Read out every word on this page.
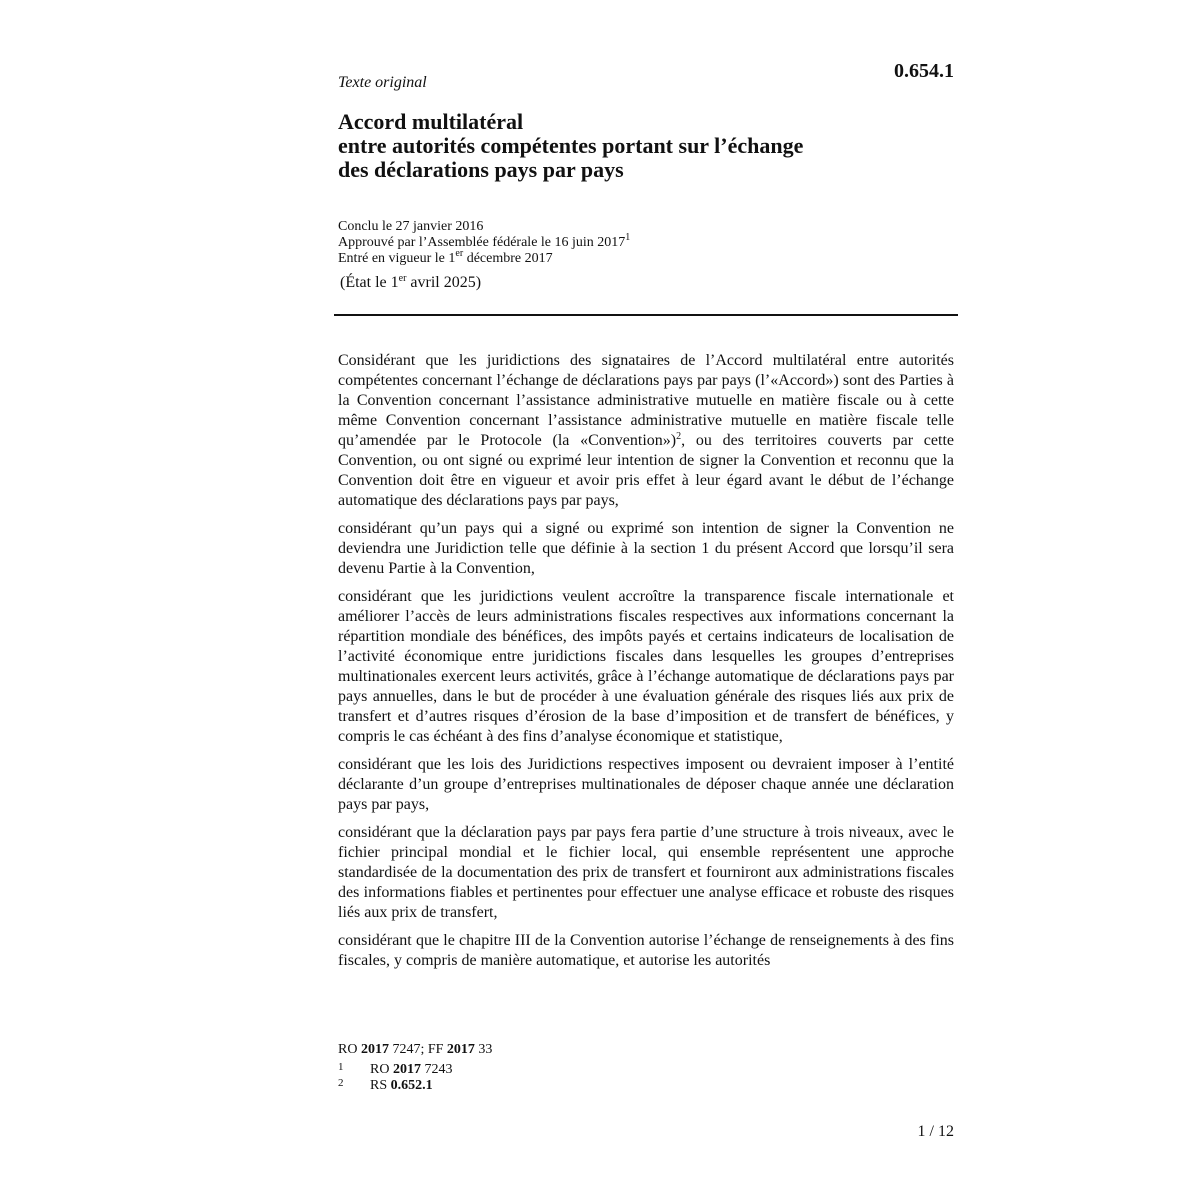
0.654.1
Texte original
Accord multilatéral
entre autorités compétentes portant sur l’échange
des déclarations pays par pays
Conclu le 27 janvier 2016
Approuvé par l’Assemblée fédérale le 16 juin 2017$^1$
Entré en vigueur le 1er décembre 2017
(État le 1er avril 2025)

Considérant que les juridictions des signataires de l’Accord multilatéral entre autorités compétentes concernant l’échange de déclarations pays par pays (l’«Accord») sont des Parties à la Convention concernant l’assistance administrative mutuelle en matière fiscale ou à cette même Convention concernant l’assistance administrative mutuelle en matière fiscale telle qu’amendée par le Protocole (la «Convention»)$^2$, ou des territoires couverts par cette Convention, ou ont signé ou exprimé leur intention de signer la Convention et reconnu que la Convention doit être en vigueur et avoir pris effet à leur égard avant le début de l’échange automatique des déclarations pays par pays,

considérant qu’un pays qui a signé ou exprimé son intention de signer la Convention ne deviendra une Juridiction telle que définie à la section 1 du présent Accord que lorsqu’il sera devenu Partie à la Convention,

considérant que les juridictions veulent accroître la transparence fiscale internationale et améliorer l’accès de leurs administrations fiscales respectives aux informations concernant la répartition mondiale des bénéfices, des impôts payés et certains indicateurs de localisation de l’activité économique entre juridictions fiscales dans lesquelles les groupes d’entreprises multinationales exercent leurs activités, grâce à l’échange automatique de déclarations pays par pays annuelles, dans le but de procéder à une évaluation générale des risques liés aux prix de transfert et d’autres risques d’érosion de la base d’imposition et de transfert de bénéfices, y compris le cas échéant à des fins d’analyse économique et statistique,

considérant que les lois des Juridictions respectives imposent ou devraient imposer à l’entité déclarante d’un groupe d’entreprises multinationales de déposer chaque année une déclaration pays par pays,

considérant que la déclaration pays par pays fera partie d’une structure à trois niveaux, avec le fichier principal mondial et le fichier local, qui ensemble représentent une approche standardisée de la documentation des prix de transfert et fourniront aux administrations fiscales des informations fiables et pertinentes pour effectuer une analyse efficace et robuste des risques liés aux prix de transfert,

considérant que le chapitre III de la Convention autorise l’échange de renseignements à des fins fiscales, y compris de manière automatique, et autorise les autorités

RO 2017 7247; FF 2017 33
1	RO 2017 7243
2	RS 0.652.1
1 / 12
